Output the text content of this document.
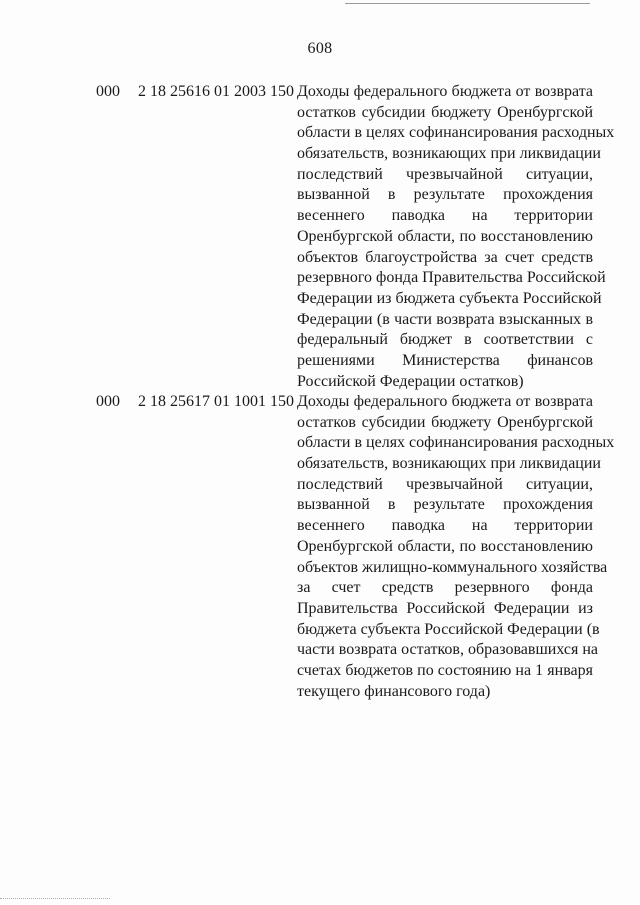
608
000 2 18 25616 01 2003 150 Доходы федерального бюджета от возврата
остатков субсидии бюджету Оренбургской
области в целях софинансирования расходных
обязательств, возникающих при ликвидации
последствий чрезвычайной ситуации,
вызванной в результате прохождения
весеннего паводка на территории
Оренбургской области, по восстановлению
объектов благоустройства за счет средств
резервного фонда Правительства Российской
Федерации из бюджета субъекта Российской
Федерации (в части возврата взысканных в
федеральный бюджет в соответствии с
решениями Министерства финансов
Российской Федерации остатков)
000 2 18 25617 01 1001 150 Доходы федерального бюджета от возврата
остатков субсидии бюджету Оренбургской
области в целях софинансирования расходных
обязательств, возникающих при ликвидации
последствий чрезвычайной ситуации,
вызванной в результате прохождения
весеннего паводка на территории
Оренбургской области, по восстановлению
объектов жилищно-коммунального хозяйства
за счет средств резервного фонда
Правительства Российской Федерации из
бюджета субъекта Российской Федерации (в
части возврата остатков, образовавшихся на
счетах бюджетов по состоянию на 1 января
текущего финансового года)
